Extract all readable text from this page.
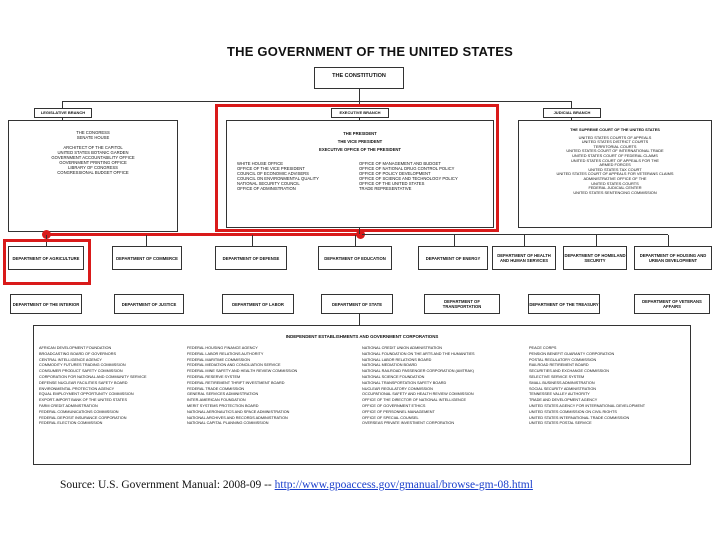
THE GOVERNMENT OF THE UNITED STATES
THE CONSTITUTION
LEGISLATIVE BRANCH
THE CONGRESS
SENATE HOUSE
ARCHITECT OF THE CAPITOL
UNITED STATES BOTANIC GARDEN
GOVERNMENT ACCOUNTABILITY OFFICE
GOVERNMENT PRINTING OFFICE
LIBRARY OF CONGRESS
CONGRESSIONAL BUDGET OFFICE
EXECUTIVE BRANCH
THE PRESIDENT
THE VICE PRESIDENT
EXECUTIVE OFFICE OF THE PRESIDENT
WHITE HOUSE OFFICE
OFFICE OF THE VICE PRESIDENT
COUNCIL OF ECONOMIC ADVISERS
COUNCIL ON ENVIRONMENTAL QUALITY
NATIONAL SECURITY COUNCIL
OFFICE OF ADMINISTRATION
OFFICE OF MANAGEMENT AND BUDGET
OFFICE OF NATIONAL DRUG CONTROL POLICY
OFFICE OF POLICY DEVELOPMENT
OFFICE OF SCIENCE AND TECHNOLOGY POLICY
OFFICE OF THE UNITED STATES
TRADE REPRESENTATIVE
JUDICIAL BRANCH
THE SUPREME COURT OF THE UNITED STATES
UNITED STATES COURTS OF APPEALS
UNITED STATES DISTRICT COURTS
TERRITORIAL COURTS
UNITED STATES COURT OF INTERNATIONAL TRADE
UNITED STATES COURT OF FEDERAL CLAIMS
UNITED STATES COURT OF APPEALS FOR THE
ARMED FORCES
UNITED STATES TAX COURT
UNITED STATES COURT OF APPEALS FOR VETERANS CLAIMS
ADMINISTRATIVE OFFICE OF THE
UNITED STATES COURTS
FEDERAL JUDICIAL CENTER
UNITED STATES SENTENCING COMMISSION
DEPARTMENT OF AGRICULTURE	DEPARTMENT OF COMMERCE	DEPARTMENT OF DEFENSE	DEPARTMENT OF EDUCATION	DEPARTMENT OF ENERGY	DEPARTMENT OF HEALTH AND HUMAN SERVICES
DEPARTMENT OF HOMELAND SECURITY
DEPARTMENT OF HOUSING AND URBAN DEVELOPMENT
DEPARTMENT OF THE INTERIOR	DEPARTMENT OF JUSTICE	DEPARTMENT OF LABOR	DEPARTMENT OF STATE	DEPARTMENT OF TRANSPORTATION	DEPARTMENT OF THE TREASURY	DEPARTMENT OF VETERANS AFFAIRS
INDEPENDENT ESTABLISHMENTS AND GOVERNMENT CORPORATIONS
AFRICAN DEVELOPMENT FOUNDATION
BROADCASTING BOARD OF GOVERNORS
CENTRAL INTELLIGENCE AGENCY
COMMODITY FUTURES TRADING COMMISSION
CONSUMER PRODUCT SAFETY COMMISSION
CORPORATION FOR NATIONAL AND COMMUNITY SERVICE
DEFENSE NUCLEAR FACILITIES SAFETY BOARD
ENVIRONMENTAL PROTECTION AGENCY
EQUAL EMPLOYMENT OPPORTUNITY COMMISSION
EXPORT-IMPORT BANK OF THE UNITED STATES
FARM CREDIT ADMINISTRATION
FEDERAL COMMUNICATIONS COMMISSION
FEDERAL DEPOSIT INSURANCE CORPORATION
FEDERAL ELECTION COMMISSION
FEDERAL HOUSING FINANCE AGENCY
FEDERAL LABOR RELATIONS AUTHORITY
FEDERAL MARITIME COMMISSION
FEDERAL MEDIATION AND CONCILIATION SERVICE
FEDERAL MINE SAFETY AND HEALTH REVIEW COMMISSION
FEDERAL RESERVE SYSTEM
FEDERAL RETIREMENT THRIFT INVESTMENT BOARD
FEDERAL TRADE COMMISSION
GENERAL SERVICES ADMINISTRATION
INTER-AMERICAN FOUNDATION
MERIT SYSTEMS PROTECTION BOARD
NATIONAL AERONAUTICS AND SPACE ADMINISTRATION
NATIONAL ARCHIVES AND RECORDS ADMINISTRATION
NATIONAL CAPITAL PLANNING COMMISSION
NATIONAL CREDIT UNION ADMINISTRATION
NATIONAL FOUNDATION ON THE ARTS AND THE HUMANITIES
NATIONAL LABOR RELATIONS BOARD
NATIONAL MEDIATION BOARD
NATIONAL RAILROAD PASSENGER CORPORATION (AMTRAK)
NATIONAL SCIENCE FOUNDATION
NATIONAL TRANSPORTATION SAFETY BOARD
NUCLEAR REGULATORY COMMISSION
OCCUPATIONAL SAFETY AND HEALTH REVIEW COMMISSION
OFFICE OF THE DIRECTOR OF NATIONAL INTELLIGENCE
OFFICE OF GOVERNMENT ETHICS
OFFICE OF PERSONNEL MANAGEMENT
OFFICE OF SPECIAL COUNSEL
OVERSEAS PRIVATE INVESTMENT CORPORATION
PEACE CORPS
PENSION BENEFIT GUARANTY CORPORATION
POSTAL REGULATORY COMMISSION
RAILROAD RETIREMENT BOARD
SECURITIES AND EXCHANGE COMMISSION
SELECTIVE SERVICE SYSTEM
SMALL BUSINESS ADMINISTRATION
SOCIAL SECURITY ADMINISTRATION
TENNESSEE VALLEY AUTHORITY
TRADE AND DEVELOPMENT AGENCY
UNITED STATES AGENCY FOR INTERNATIONAL DEVELOPMENT
UNITED STATES COMMISSION ON CIVIL RIGHTS
UNITED STATES INTERNATIONAL TRADE COMMISSION
UNITED STATES POSTAL SERVICE
Source: U.S. Government Manual: 2008-09 -- http://www.gpoaccess.gov/gmanual/browse-gm-08.html
